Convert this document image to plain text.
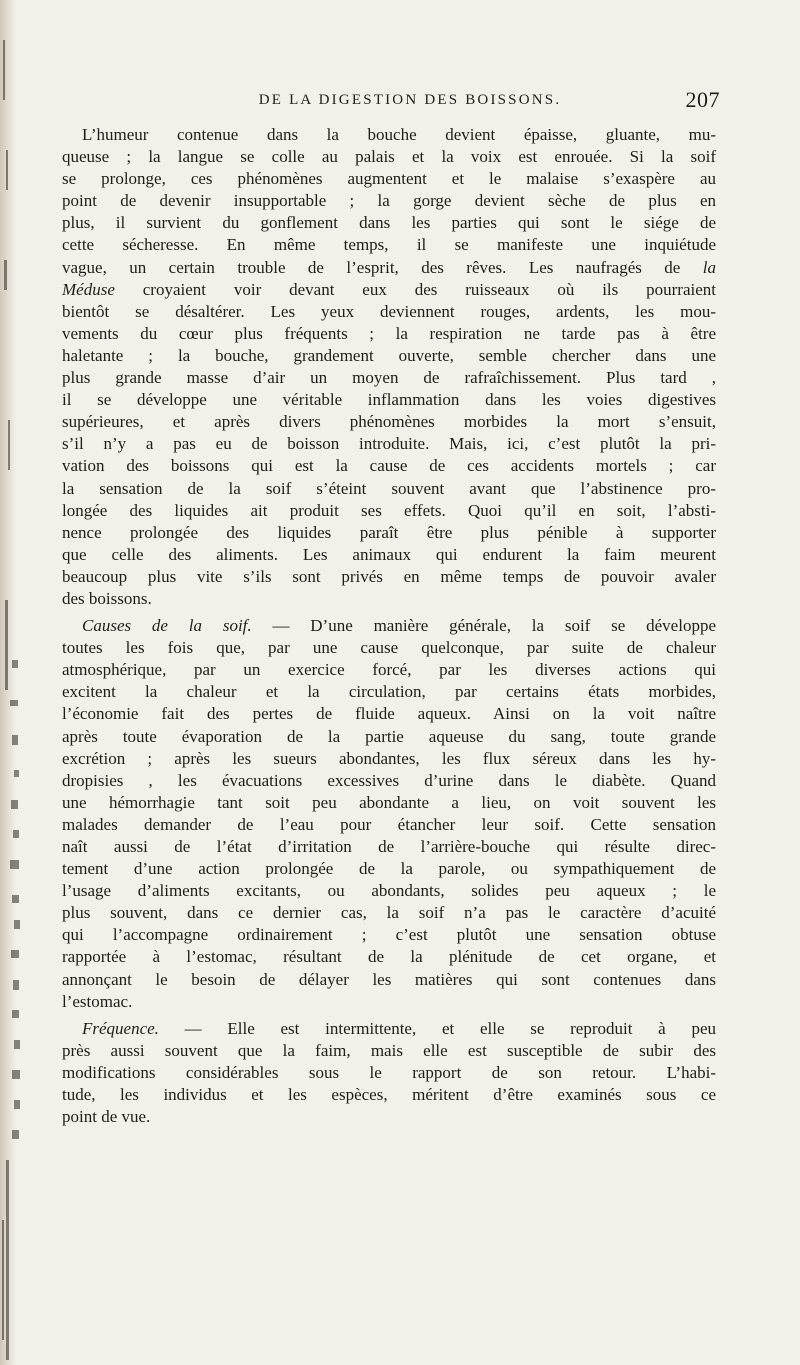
DE LA DIGESTION DES BOISSONS.	207

L’humeur contenue dans la bouche devient épaisse, gluante, mu-
queuse ; la langue se colle au palais et la voix est enrouée. Si la soif
se prolonge, ces phénomènes augmentent et le malaise s’exaspère au
point de devenir insupportable ; la gorge devient sèche de plus en
plus, il survient du gonflement dans les parties qui sont le siége de
cette sécheresse. En même temps, il se manifeste une inquiétude
vague, un certain trouble de l’esprit, des rêves. Les naufragés de la
Méduse croyaient voir devant eux des ruisseaux où ils pourraient
bientôt se désaltérer. Les yeux deviennent rouges, ardents, les mou-
vements du cœur plus fréquents ; la respiration ne tarde pas à être
haletante ; la bouche, grandement ouverte, semble chercher dans une
plus grande masse d’air un moyen de rafraîchissement. Plus tard ,
il se développe une véritable inflammation dans les voies digestives
supérieures, et après divers phénomènes morbides la mort s’ensuit,
s’il n’y a pas eu de boisson introduite. Mais, ici, c’est plutôt la pri-
vation des boissons qui est la cause de ces accidents mortels ; car
la sensation de la soif s’éteint souvent avant que l’abstinence pro-
longée des liquides ait produit ses effets. Quoi qu’il en soit, l’absti-
nence prolongée des liquides paraît être plus pénible à supporter
que celle des aliments. Les animaux qui endurent la faim meurent
beaucoup plus vite s’ils sont privés en même temps de pouvoir avaler
des boissons.

Causes de la soif. — D’une manière générale, la soif se développe
toutes les fois que, par une cause quelconque, par suite de chaleur
atmosphérique, par un exercice forcé, par les diverses actions qui
excitent la chaleur et la circulation, par certains états morbides,
l’économie fait des pertes de fluide aqueux. Ainsi on la voit naître
après toute évaporation de la partie aqueuse du sang, toute grande
excrétion ; après les sueurs abondantes, les flux séreux dans les hy-
dropisies , les évacuations excessives d’urine dans le diabète. Quand
une hémorrhagie tant soit peu abondante a lieu, on voit souvent les
malades demander de l’eau pour étancher leur soif. Cette sensation
naît aussi de l’état d’irritation de l’arrière-bouche qui résulte direc-
tement d’une action prolongée de la parole, ou sympathiquement de
l’usage d’aliments excitants, ou abondants, solides peu aqueux ; le
plus souvent, dans ce dernier cas, la soif n’a pas le caractère d’acuité
qui l’accompagne ordinairement ; c’est plutôt une sensation obtuse
rapportée à l’estomac, résultant de la plénitude de cet organe, et
annonçant le besoin de délayer les matières qui sont contenues dans
l’estomac.

Fréquence. — Elle est intermittente, et elle se reproduit à peu
près aussi souvent que la faim, mais elle est susceptible de subir des
modifications considérables sous le rapport de son retour. L’habi-
tude, les individus et les espèces, méritent d’être examinés sous ce
point de vue.
